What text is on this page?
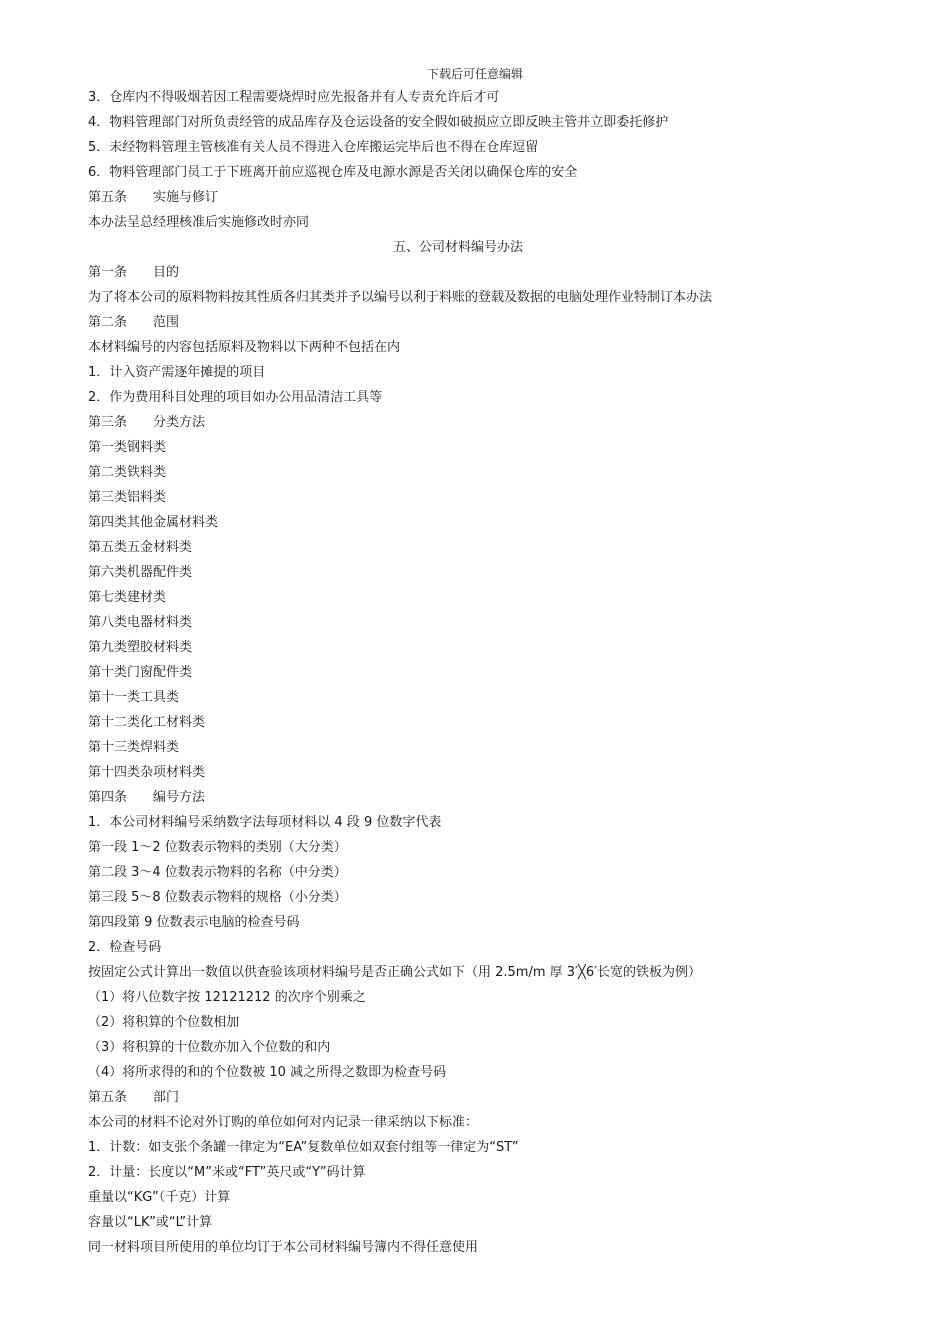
下载后可任意编辑
3．仓库内不得吸烟若因工程需要烧焊时应先报备并有人专责允许后才可
4．物料管理部门对所负责经管的成品库存及仓运设备的安全假如破损应立即反映主管并立即委托修护
5．未经物料管理主管核准有关人员不得进入仓库搬运完毕后也不得在仓库逗留
6．物料管理部门员工于下班离开前应巡视仓库及电源水源是否关闭以确保仓库的安全
第五条　　实施与修订
本办法呈总经理核准后实施修改时亦同
五、公司材料编号办法
第一条　　目的
为了将本公司的原料物料按其性质各归其类并予以编号以利于料账的登载及数据的电脑处理作业特制订本办法
第二条　　范围
本材料编号的内容包括原料及物料以下两种不包括在内
1．计入资产需逐年摊提的项目
2．作为费用科目处理的项目如办公用品清洁工具等
第三条　　分类方法
第一类钢料类
第二类铁料类
第三类铝料类
第四类其他金属材料类
第五类五金材料类
第六类机器配件类
第七类建材类
第八类电器材料类
第九类塑胶材料类
第十类门窗配件类
第十一类工具类
第十二类化工材料类
第十三类焊料类
第十四类杂项材料类
第四条　　编号方法
1．本公司材料编号采纳数字法每项材料以 4 段 9 位数字代表
第一段 1～2 位数表示物料的类别（大分类）
第二段 3～4 位数表示物料的名称（中分类）
第三段 5～8 位数表示物料的规格（小分类）
第四段第 9 位数表示电脑的检查号码
2．检查号码
按固定公式计算出一数值以供查验该项材料编号是否正确公式如下（用 2.5m/m 厚 3′╳6′长宽的铁板为例）
（1）将八位数字按 12121212 的次序个别乘之
（2）将积算的个位数相加
（3）将积算的十位数亦加入个位数的和内
（4）将所求得的和的个位数被 10 减之所得之数即为检查号码
第五条　　部门
本公司的材料不论对外订购的单位如何对内记录一律采纳以下标准：
1．计数：如支张个条罐一律定为“EA”复数单位如双套付组等一律定为“ST”
2．计量：长度以“M”米或“FT”英尺或“Y”码计算
重量以“KG”（千克）计算
容量以“LK”或“L”计算
同一材料项目所使用的单位均订于本公司材料编号簿内不得任意使用
